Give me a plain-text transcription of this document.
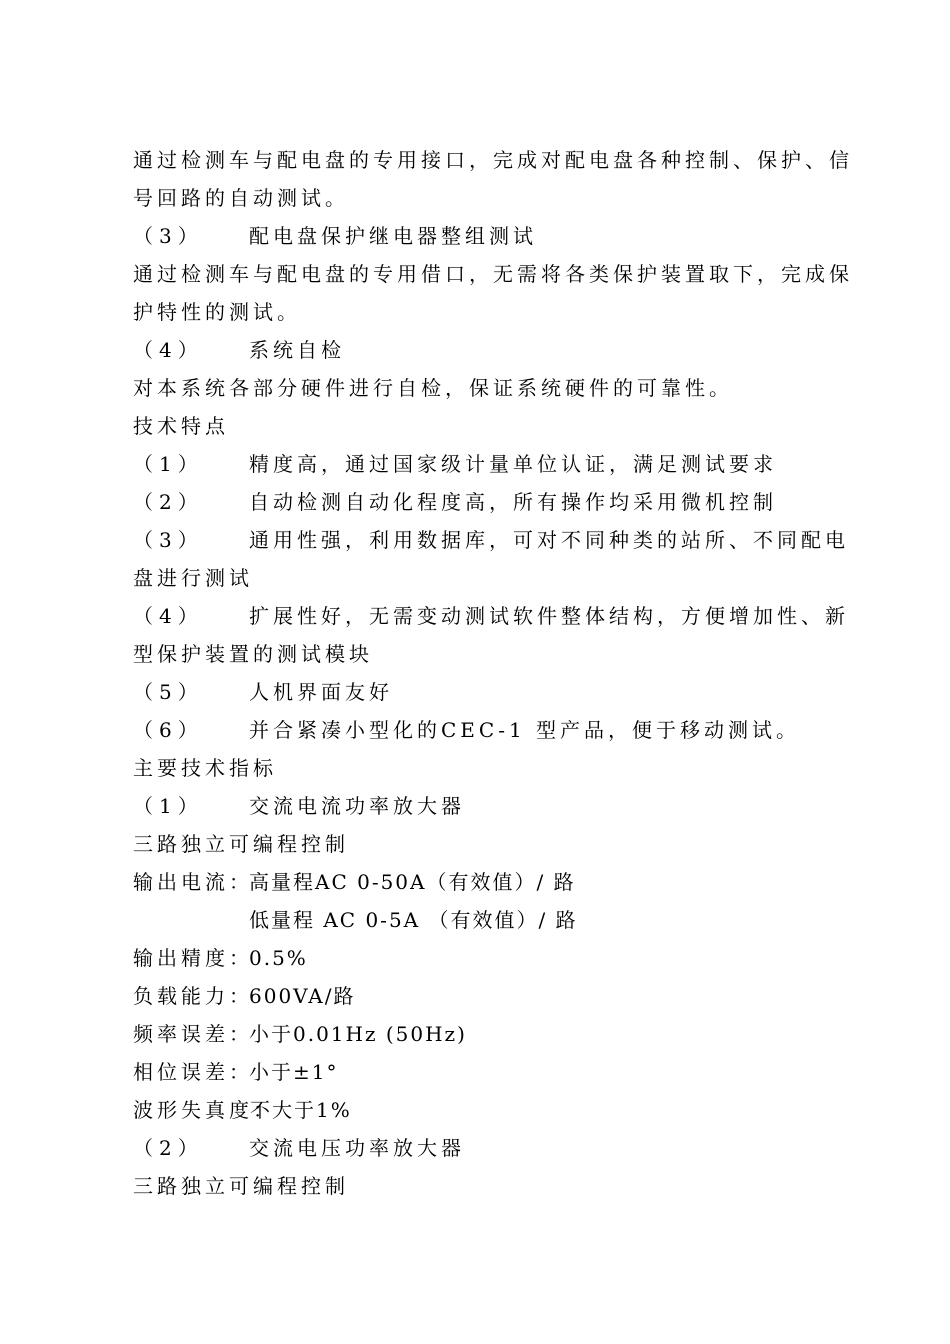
通过检测车与配电盘的专用接口，完成对配电盘各种控制、保护、信
号回路的自动测试。
（3） 配电盘保护继电器整组测试
通过检测车与配电盘的专用借口，无需将各类保护装置取下，完成保
护特性的测试。
（4） 系统自检
对本系统各部分硬件进行自检，保证系统硬件的可靠性。
技术特点
（1） 精度高，通过国家级计量单位认证，满足测试要求
（2） 自动检测自动化程度高，所有操作均采用微机控制
（3） 通用性强，利用数据库，可对不同种类的站所、不同配电
盘进行测试
（4） 扩展性好，无需变动测试软件整体结构，方便增加性、新
型保护装置的测试模块
（5） 人机界面友好
（6） 并合紧凑小型化的CEC-1 型产品，便于移动测试。
主要技术指标
（1） 交流电流功率放大器
三路独立可编程控制
输出电流：
高量程AC 0-50A（有效值）/ 路
低量程 AC 0-5A （有效值）/ 路
输出精度：
0.5%
负载能力：
600VA/路
频率误差：
小于0.01Hz (50Hz)
相位误差：
小于±1°
波形失真度：
不大于1%
（2） 交流电压功率放大器
三路独立可编程控制
